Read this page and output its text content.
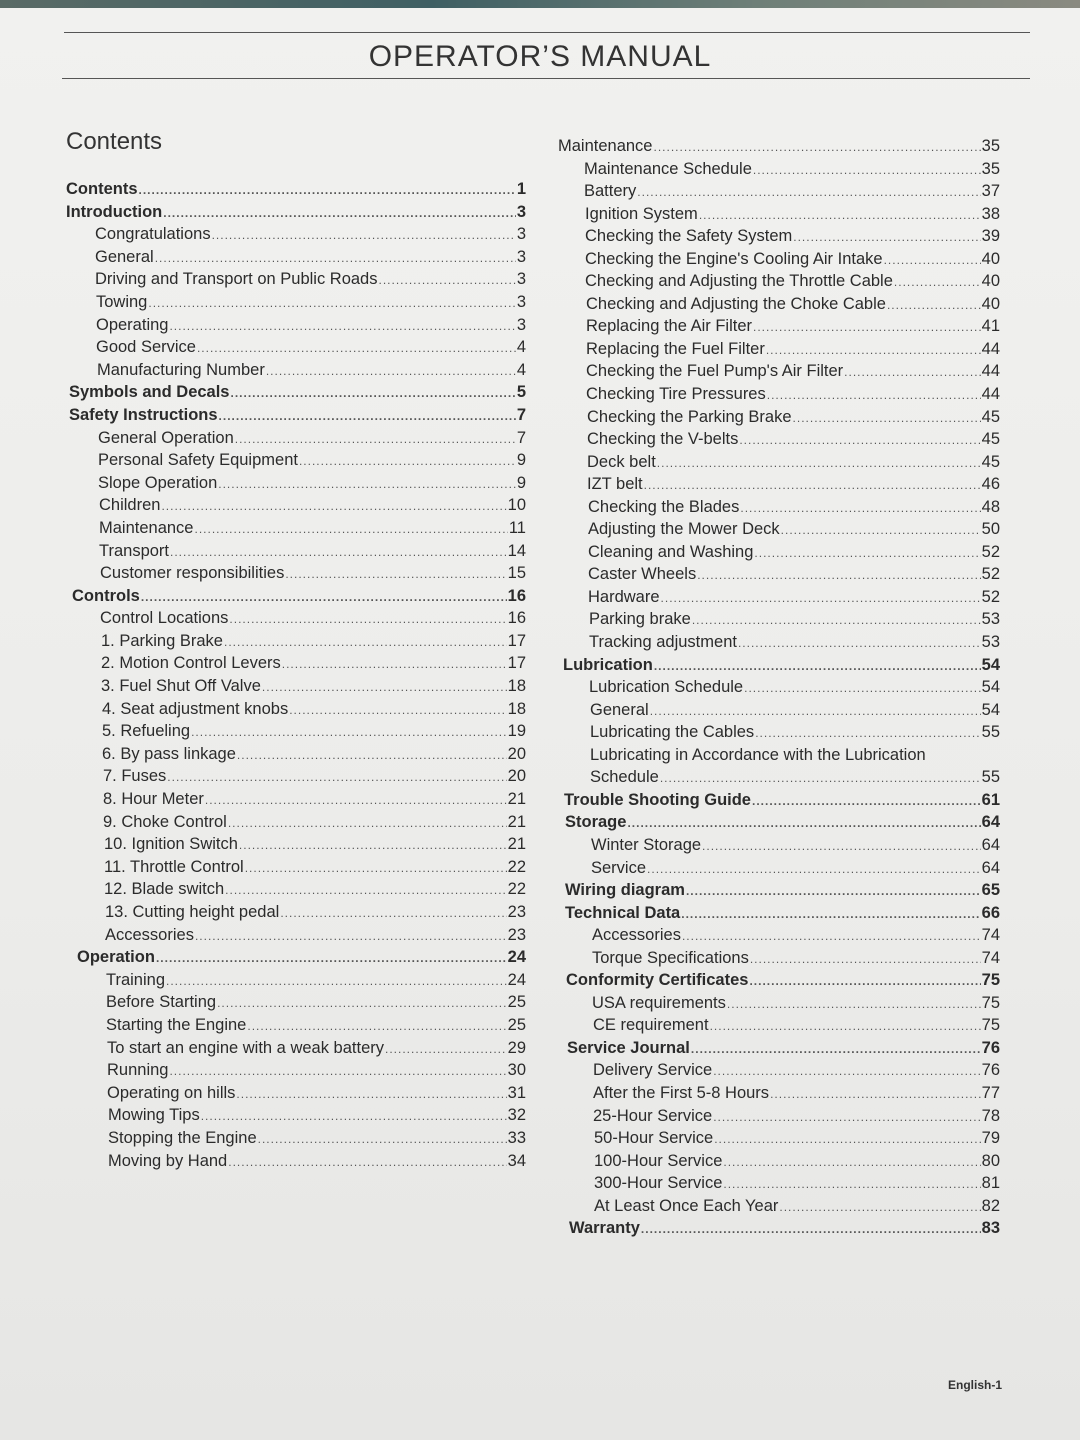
OPERATOR’S MANUAL
Contents
Contents .....	1
Introduction .....	3
Congratulations .....	3
General .....	3
Driving and Transport on Public Roads .....	3
Towing .....	3
Operating .....	3
Good Service .....	4
Manufacturing Number .....	4
Symbols and Decals .....	5
Safety Instructions .....	7
General Operation .....	7
Personal Safety Equipment .....	9
Slope Operation .....	9
Children .....	10
Maintenance .....	11
Transport .....	14
Customer responsibilities .....	15
Controls .....	16
Control Locations .....	16
1. Parking Brake .....	17
2. Motion Control Levers .....	17
3. Fuel Shut Off Valve .....	18
4. Seat adjustment knobs .....	18
5. Refueling .....	19
6. By pass linkage .....	20
7. Fuses .....	20
8. Hour Meter .....	21
9. Choke Control .....	21
10. Ignition Switch .....	21
11. Throttle Control .....	22
12. Blade switch .....	22
13. Cutting height pedal .....	23
Accessories .....	23
Operation .....	24
Training .....	24
Before Starting .....	25
Starting the Engine .....	25
To start an engine with a weak battery .....	29
Running .....	30
Operating on hills .....	31
Mowing Tips .....	32
Stopping the Engine .....	33
Moving by Hand .....	34
Maintenance .....	35
Maintenance Schedule .....	35
Battery .....	37
Ignition System .....	38
Checking the Safety System .....	39
Checking the Engine's Cooling Air Intake .....	40
Checking and Adjusting the Throttle Cable .....	40
Checking and Adjusting the Choke Cable .....	40
Replacing the Air Filter .....	41
Replacing the Fuel Filter .....	44
Checking the Fuel Pump's Air Filter .....	44
Checking Tire Pressures .....	44
Checking the Parking Brake .....	45
Checking the V-belts .....	45
Deck belt .....	45
IZT belt .....	46
Checking the Blades .....	48
Adjusting the Mower Deck .....	50
Cleaning and Washing .....	52
Caster Wheels .....	52
Hardware .....	52
Parking brake .....	53
Tracking adjustment .....	53
Lubrication .....	54
Lubrication Schedule .....	54
General .....	54
Lubricating the Cables .....	55
Lubricating in Accordance with the Lubrication
Schedule .....	55
Trouble Shooting Guide .....	61
Storage .....	64
Winter Storage .....	64
Service .....	64
Wiring diagram .....	65
Technical Data .....	66
Accessories .....	74
Torque Specifications .....	74
Conformity Certificates .....	75
USA requirements .....	75
CE requirement .....	75
Service Journal .....	76
Delivery Service .....	76
After the First 5-8 Hours .....	77
25-Hour Service .....	78
50-Hour Service .....	79
100-Hour Service .....	80
300-Hour Service .....	81
At Least Once Each Year .....	82
Warranty .....	83
English-1
